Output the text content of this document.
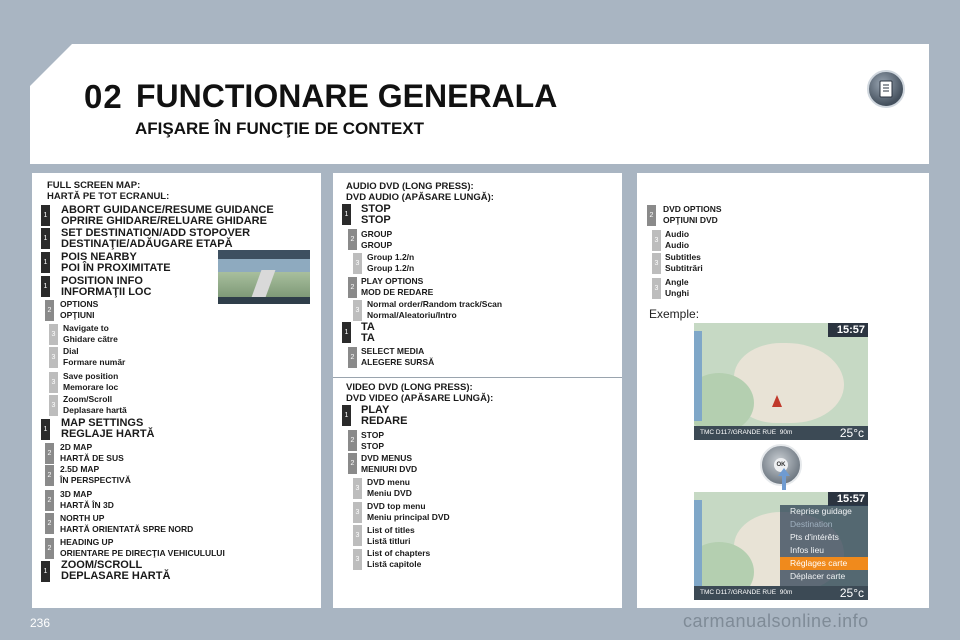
02 FUNCTIONARE GENERALA
AFIŞARE ÎN FUNCŢIE DE CONTEXT
FULL SCREEN MAP:
HARTĂ PE TOT ECRANUL:
1 ABORT GUIDANCE/RESUME GUIDANCE
OPRIRE GHIDARE/RELUARE GHIDARE
1 SET DESTINATION/ADD STOPOVER
DESTINAŢIE/ADĂUGARE ETAPĂ
1 POIS NEARBY
POI ÎN PROXIMITATE
1 POSITION INFO
INFORMAŢII LOC
2
OPTIONS
OPŢIUNI
3
Navigate to
Ghidare către
3
Dial
Formare număr
3
Save position
Memorare loc
3
Zoom/Scroll
Deplasare hartă
1
MAP SETTINGS
REGLAJE HARTĂ
2
2D MAP
HARTĂ DE SUS
2
2.5D MAP
ÎN PERSPECTIVĂ
2
3D MAP
HARTĂ ÎN 3D
2
NORTH UP
HARTĂ ORIENTATĂ SPRE NORD
2
HEADING UP
ORIENTARE PE DIRECŢIA VEHICULULUI
1
ZOOM/SCROLL
DEPLASARE HARTĂ
AUDIO DVD (LONG PRESS):
DVD AUDIO (APĂSARE LUNGĂ):
1 STOP
STOP
2
GROUP
GROUP
3
Group 1.2/n
Group 1.2/n
2
PLAY OPTIONS
MOD DE REDARE
3
Normal order/Random track/Scan
Normal/Aleatoriu/Intro
1 TA
TA
2
SELECT MEDIA
ALEGERE SURSĂ
VIDEO DVD (LONG PRESS):
DVD VIDEO (APĂSARE LUNGĂ):
1 PLAY
REDARE
2
STOP
STOP
2
DVD MENUS
MENIURI DVD
3
DVD menu
Meniu DVD
3
DVD top menu
Meniu principal DVD
3
List of titles
Listă titluri
3
List of chapters
Listă capitole
2
DVD OPTIONS
OPŢIUNI DVD
3
Audio
Audio
3
Subtitles
Subtitrări
3
Angle
Unghi
Exemple:
15:57
TMC D117/GRANDE RUE 90m	25°c
OK
15:57
TMC D117/GRANDE RUE 90m	25°c
Reprise guidage
Destination
Pts d'intérêts
Infos lieu
Réglages carte
Déplacer carte
236	carmanualsonline.info
